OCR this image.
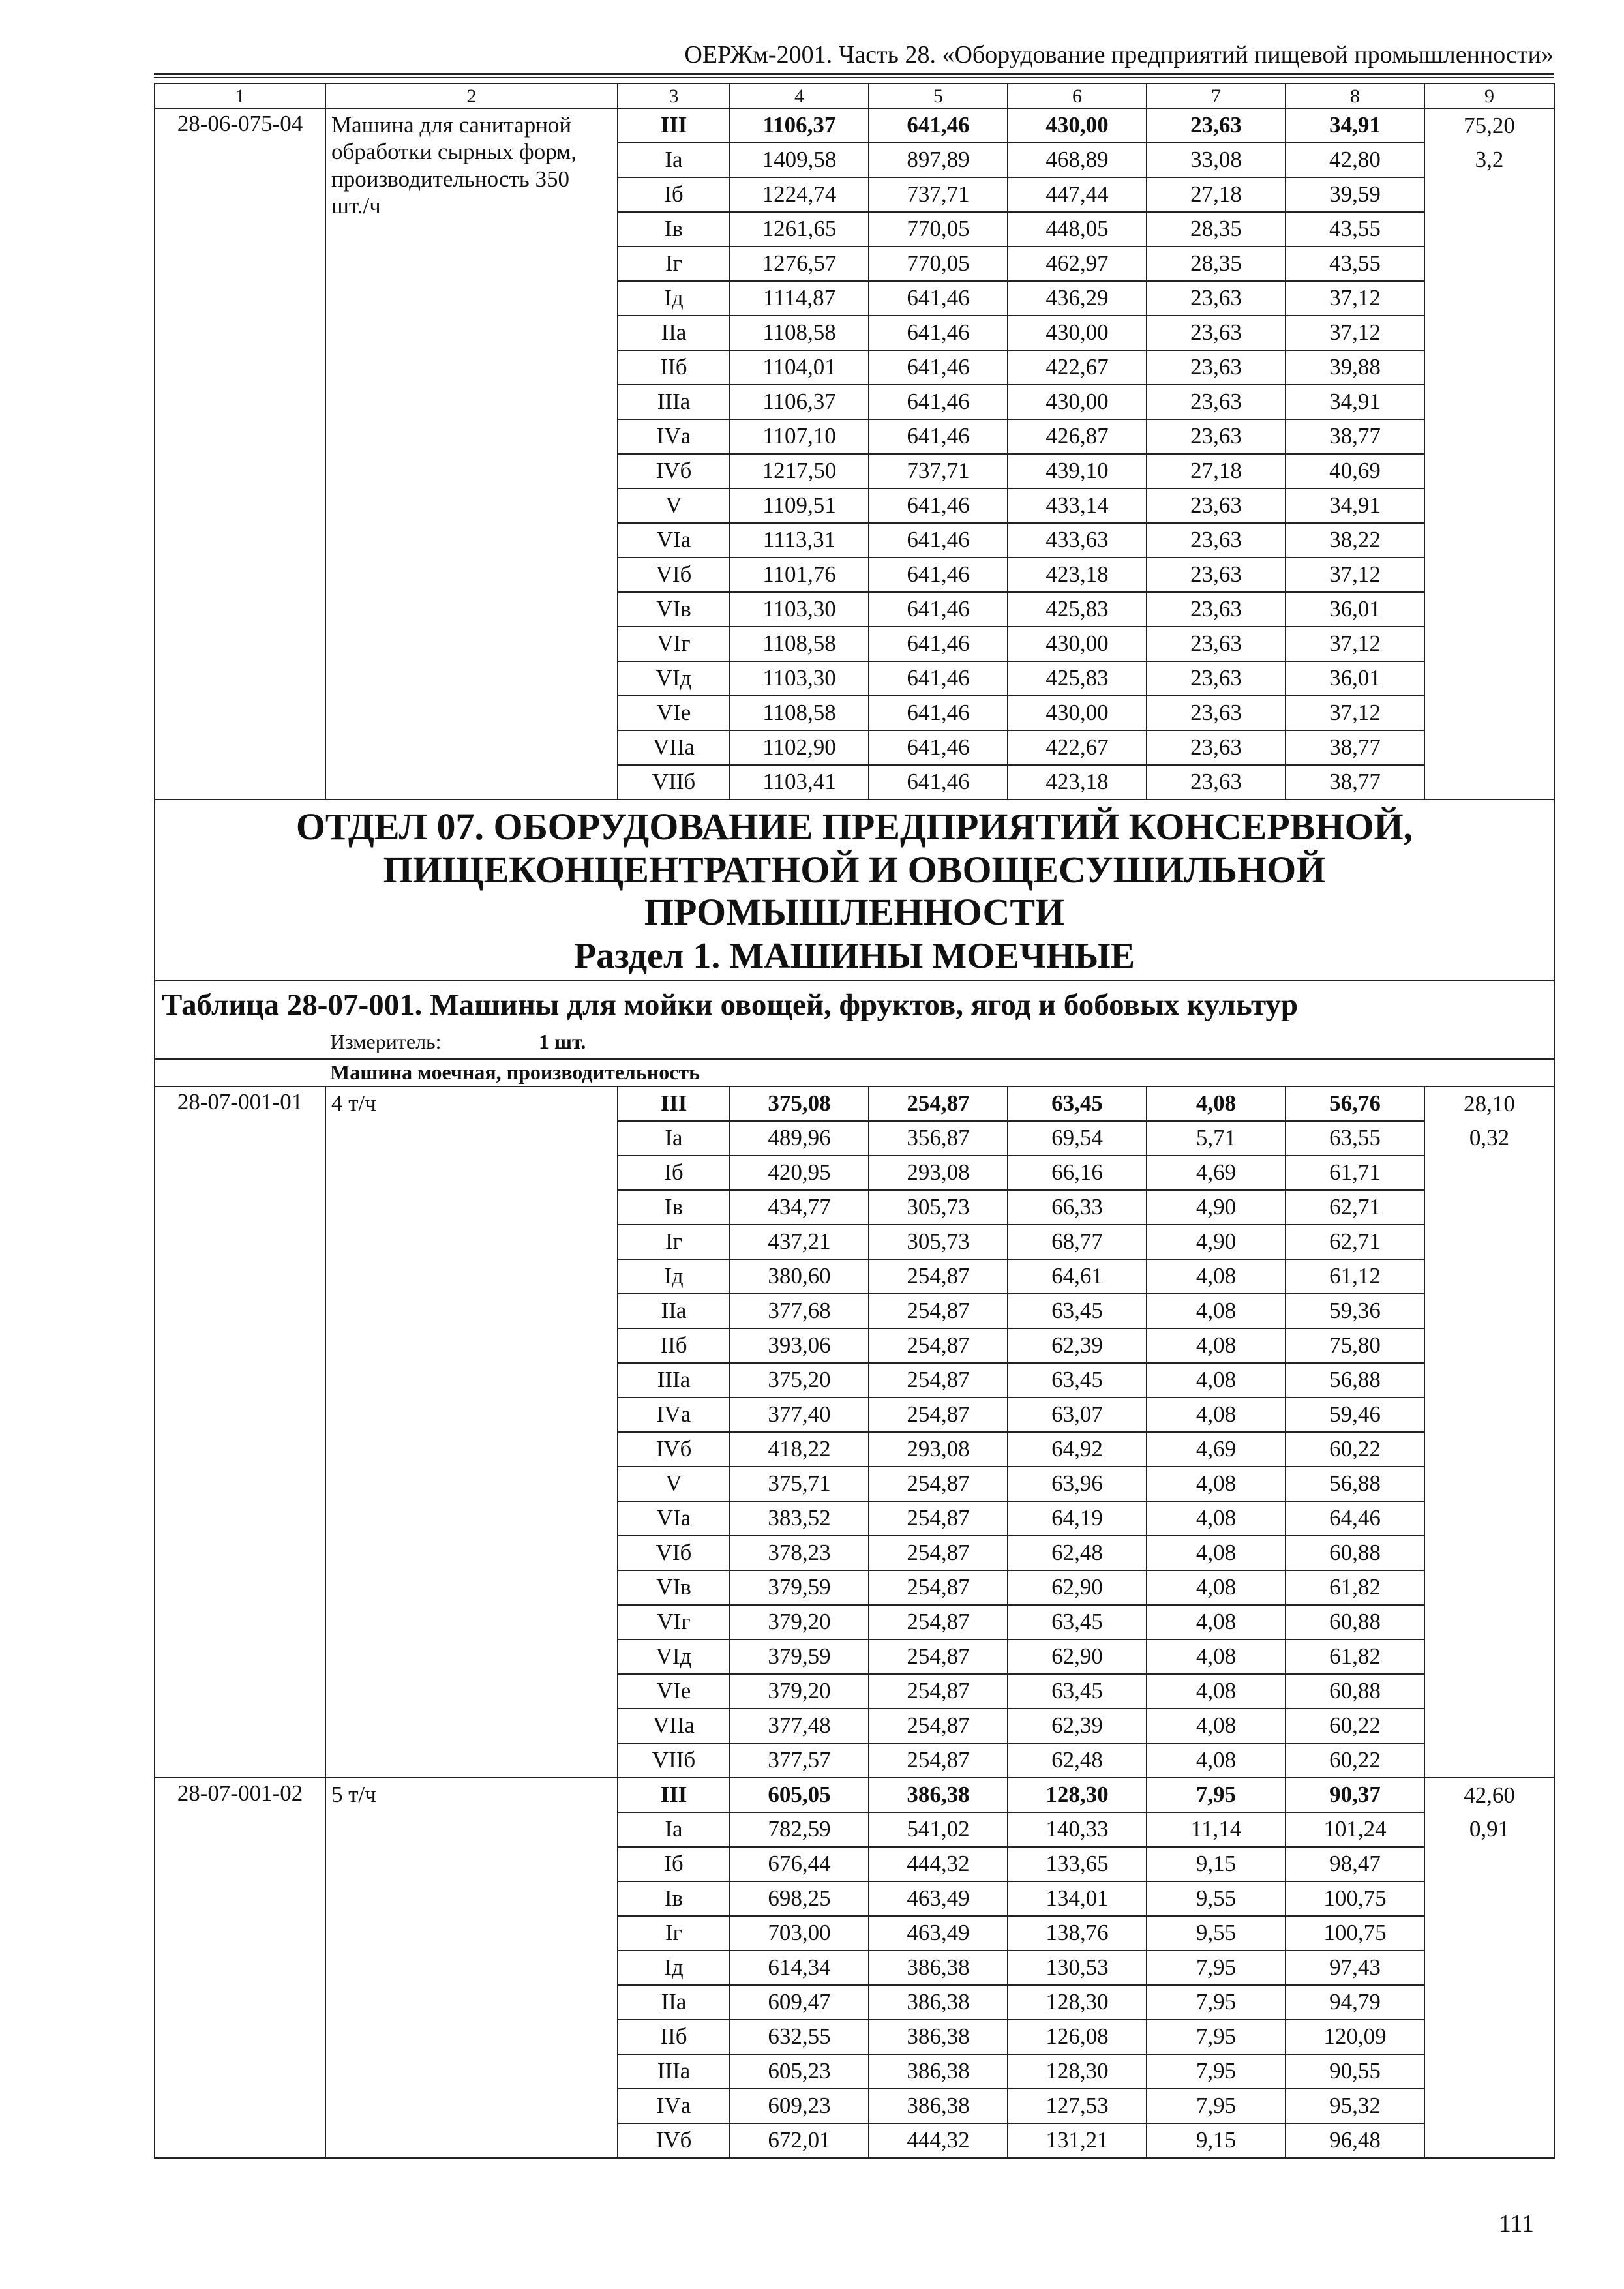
ОЕРЖм-2001. Часть 28. «Оборудование предприятий пищевой промышленности»
1	2	3	4	5	6	7	8	9
28-06-075-04	Машина для санитарной обработки сырных форм, производительность 350 шт./ч	III	1106,37	641,46	430,00	23,63	34,91	75,20
		Iа	1409,58	897,89	468,89	33,08	42,80	3,2
		Iб	1224,74	737,71	447,44	27,18	39,59	
		Iв	1261,65	770,05	448,05	28,35	43,55	
		Iг	1276,57	770,05	462,97	28,35	43,55	
		Iд	1114,87	641,46	436,29	23,63	37,12	
		IIа	1108,58	641,46	430,00	23,63	37,12	
		IIб	1104,01	641,46	422,67	23,63	39,88	
		IIIа	1106,37	641,46	430,00	23,63	34,91	
		IVа	1107,10	641,46	426,87	23,63	38,77	
		IVб	1217,50	737,71	439,10	27,18	40,69	
		V	1109,51	641,46	433,14	23,63	34,91	
		VIа	1113,31	641,46	433,63	23,63	38,22	
		VIб	1101,76	641,46	423,18	23,63	37,12	
		VIв	1103,30	641,46	425,83	23,63	36,01	
		VIг	1108,58	641,46	430,00	23,63	37,12	
		VIд	1103,30	641,46	425,83	23,63	36,01	
		VIе	1108,58	641,46	430,00	23,63	37,12	
		VIIа	1102,90	641,46	422,67	23,63	38,77	
		VIIб	1103,41	641,46	423,18	23,63	38,77	

ОТДЕЛ 07. ОБОРУДОВАНИЕ ПРЕДПРИЯТИЙ КОНСЕРВНОЙ,
ПИЩЕКОНЦЕНТРАТНОЙ И ОВОЩЕСУШИЛЬНОЙ
ПРОМЫШЛЕННОСТИ
Раздел 1. МАШИНЫ МОЕЧНЫЕ								

Таблица 28-07-001. Машины для мойки овощей, фруктов, ягод и бобовых культур
Измеритель: 1 шт.								

Машина моечная, производительность								
28-07-001-01	4 т/ч	III	375,08	254,87	63,45	4,08	56,76	28,10
		Iа	489,96	356,87	69,54	5,71	63,55	0,32
		Iб	420,95	293,08	66,16	4,69	61,71	
		Iв	434,77	305,73	66,33	4,90	62,71	
		Iг	437,21	305,73	68,77	4,90	62,71	
		Iд	380,60	254,87	64,61	4,08	61,12	
		IIа	377,68	254,87	63,45	4,08	59,36	
		IIб	393,06	254,87	62,39	4,08	75,80	
		IIIа	375,20	254,87	63,45	4,08	56,88	
		IVа	377,40	254,87	63,07	4,08	59,46	
		IVб	418,22	293,08	64,92	4,69	60,22	
		V	375,71	254,87	63,96	4,08	56,88	
		VIа	383,52	254,87	64,19	4,08	64,46	
		VIб	378,23	254,87	62,48	4,08	60,88	
		VIв	379,59	254,87	62,90	4,08	61,82	
		VIг	379,20	254,87	63,45	4,08	60,88	
		VIд	379,59	254,87	62,90	4,08	61,82	
		VIе	379,20	254,87	63,45	4,08	60,88	
		VIIа	377,48	254,87	62,39	4,08	60,22	
		VIIб	377,57	254,87	62,48	4,08	60,22	
28-07-001-02	5 т/ч	III	605,05	386,38	128,30	7,95	90,37	42,60
		Iа	782,59	541,02	140,33	11,14	101,24	0,91
		Iб	676,44	444,32	133,65	9,15	98,47	
		Iв	698,25	463,49	134,01	9,55	100,75	
		Iг	703,00	463,49	138,76	9,55	100,75	
		Iд	614,34	386,38	130,53	7,95	97,43	
		IIа	609,47	386,38	128,30	7,95	94,79	
		IIб	632,55	386,38	126,08	7,95	120,09	
		IIIа	605,23	386,38	128,30	7,95	90,55	
		IVа	609,23	386,38	127,53	7,95	95,32	
		IVб	672,01	444,32	131,21	9,15	96,48	
111
